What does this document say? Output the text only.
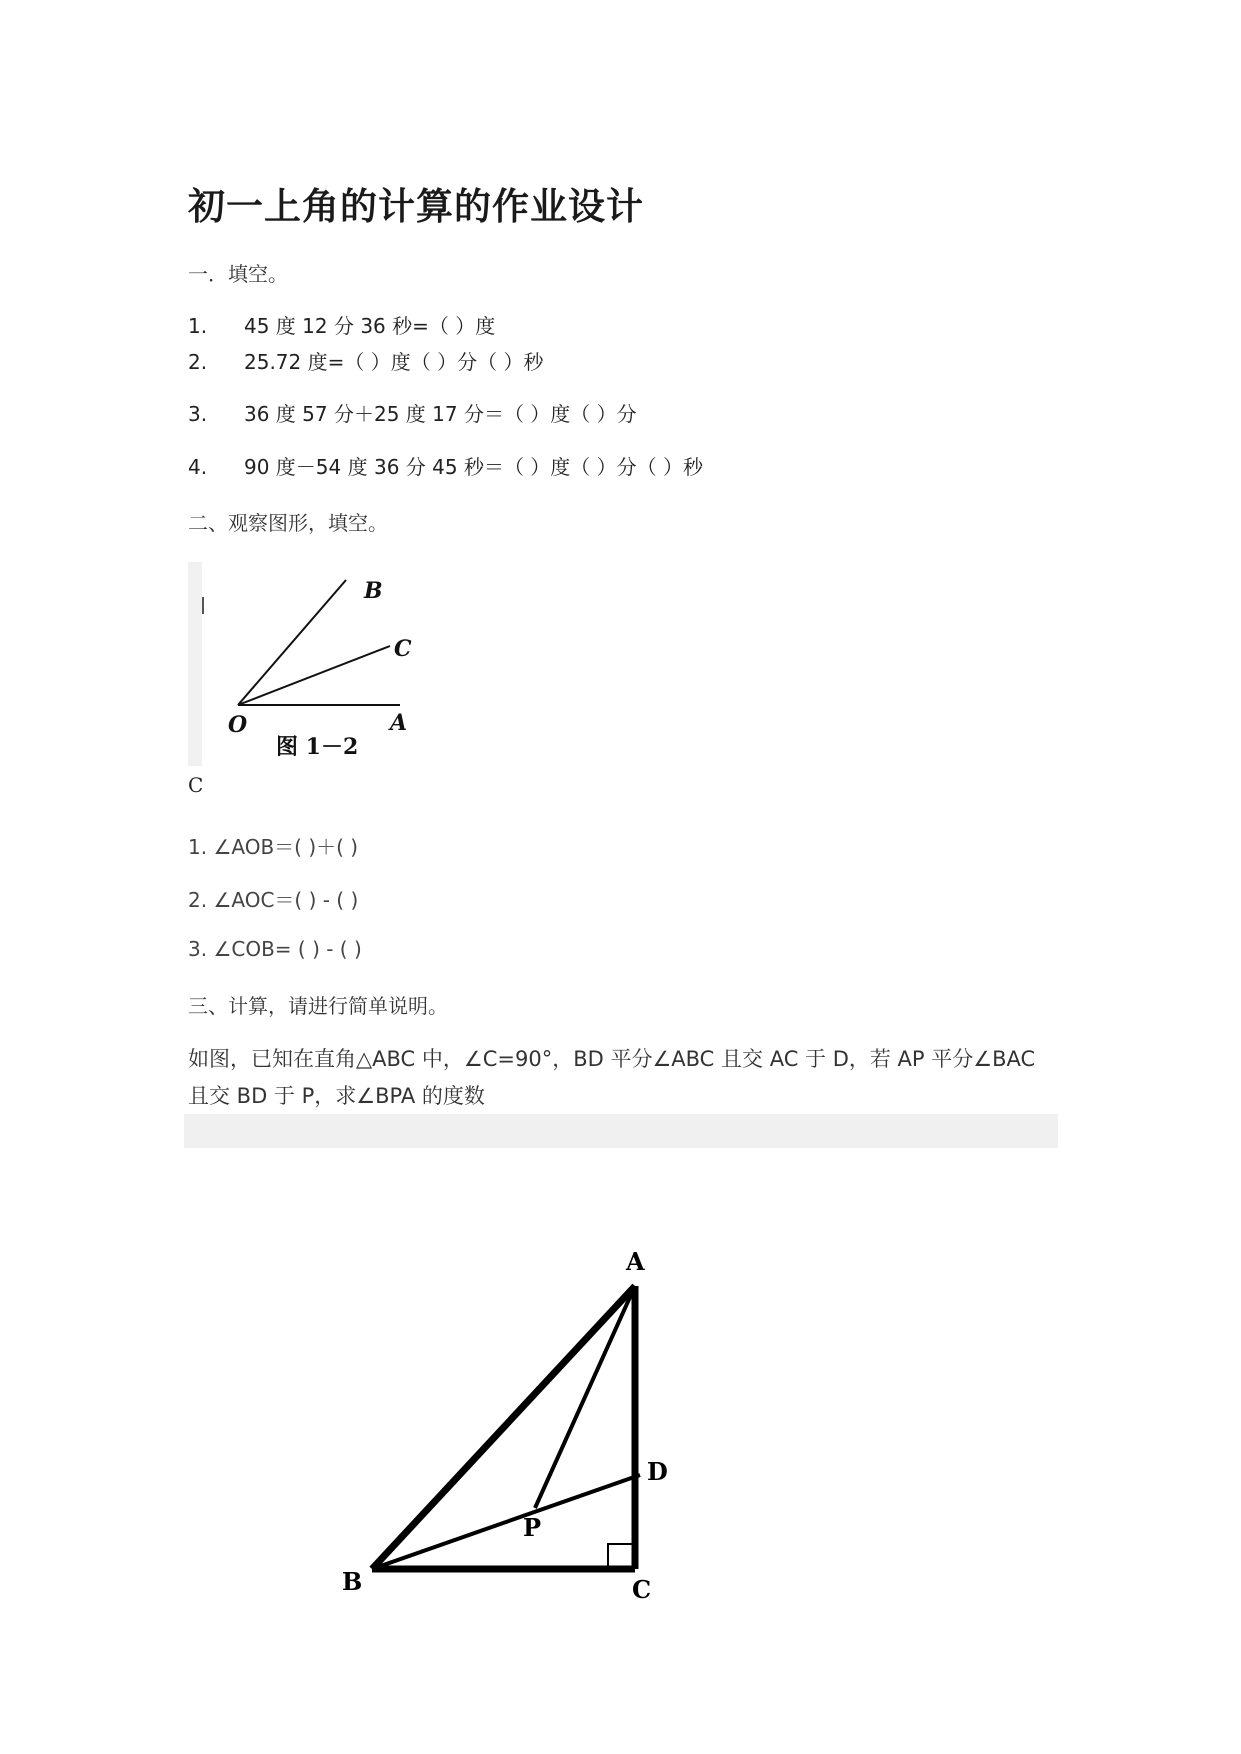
初一上角的计算的作业设计
一．填空。
1. 45 度 12 分 36 秒=（ ）度
2. 25.72 度=（ ）度（ ）分（ ）秒
3. 36 度 57 分＋25 度 17 分＝（ ）度（ ）分
4. 90 度－54 度 36 分 45 秒＝（ ）度（ ）分（ ）秒
二、观察图形，填空。
B
C
O	A
图 1－2
C
1. ∠AOB＝( )＋( )
2. ∠AOC＝( ) - ( )
3. ∠COB= ( ) - ( )
三、计算，请进行简单说明。
如图，已知在直角△ABC 中，∠C=90°，BD 平分∠ABC 且交 AC 于 D，若 AP 平分∠BAC
且交 BD 于 P，求∠BPA 的度数
A
B	C
D
P
